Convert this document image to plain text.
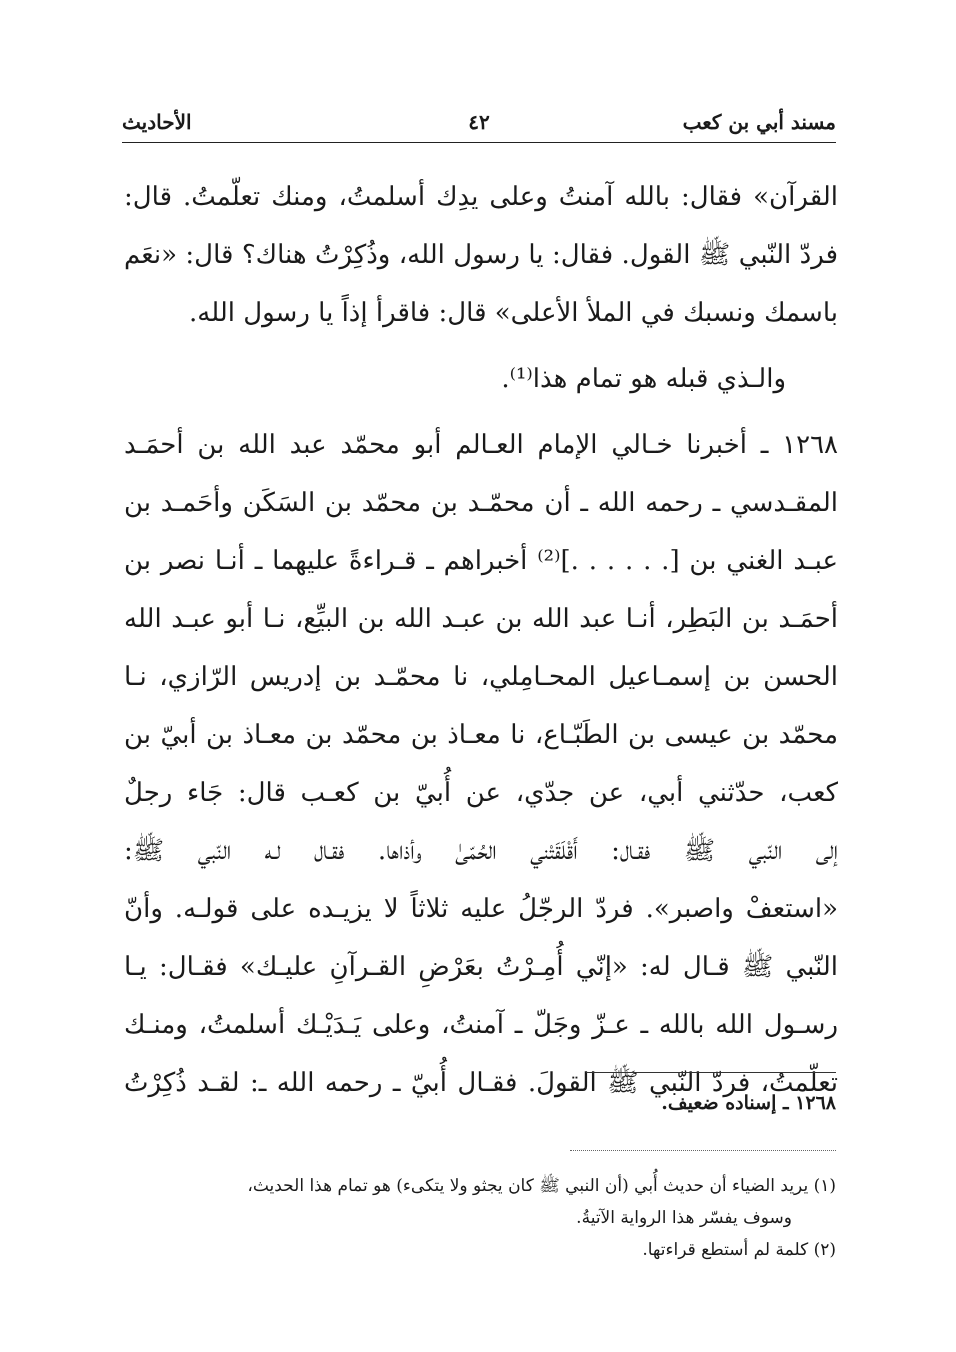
مسند أبي بن كعب
٤٢
الأحاديث
القرآن» فقال: بالله آمنتُ وعلى يدِك أسلمتُ، ومنك تعلّمتُ. قال:
فردّ النّبي ﷺ القول. فقال: يا رسول الله، وذُكِرْتُ هناك؟ قال: «نعَم
باسمك ونسبك في الملأ الأعلى» قال: فاقرأ إذاً يا رسول الله.
والـذي قبله هو تمام هذا⁽¹⁾.
١٢٦٨ ـ أخبرنا خـالي الإمام العـالم أبو محمّد عبد الله بن أحمَـد
المقـدسي ـ رحمه الله ـ أن محمّـد بن محمّد بن السَكَن وأحَمـد بن
عبـد الغني بن [. . . . . .]⁽²⁾ أخبراهم ـ قـراءةً عليهما ـ أنـا نصر بن
أحمَـد بن البَطِر، أنـا عبد الله بن عبـد الله بن البيِّع، نـا أبو عبـد الله
الحسن بن إسمـاعيل المحـامِلي، نا محمّـد بن إدريس الرّازي، نـا
محمّد بن عيسى بن الطَبّـاع، نا معـاذ بن محمّد بن معـاذ بن أبيّ بن
كعب، حدّثني أبي، عن جدّي، عن أُبيّ بن كعـب قال: جَاء رجلٌ
إلى النّبي ﷺ فقـال: أَقْلَقَتْني الحُمّىٰ وأذاها. فقـال لـه النّبي ﷺ:
«استعفْ واصبر». فردّ الرجّلُ عليه ثلاثاً لا يزيـده على قولـه. وأنّ
النّبي ﷺ قـال له: «إنّي أُمِـرْتُ بعَرْضِ القـرآنِ عليـك» فقـال: يـا
رسـول الله بالله ـ عـزّ وجَلّ ـ آمنتُ، وعلى يَـدَيْـك أسلمتُ، ومنـك
تعلّمتُ، فردّ النّبي ﷺ القولَ. فقـال أُبيّ ـ رحمه الله ـ: لقـد ذُكِرْتُ
١٢٦٨ ـ إسناده ضعيف.
(١) يريد الضياء أن حديث أُبي (أن النبي ﷺ كان يجثو ولا يتكىء) هو تمام هذا الحديث،
وسوف يفسّر هذا الرواية الآتيةُ.
(٢) كلمة لم أستطع قراءتها.
